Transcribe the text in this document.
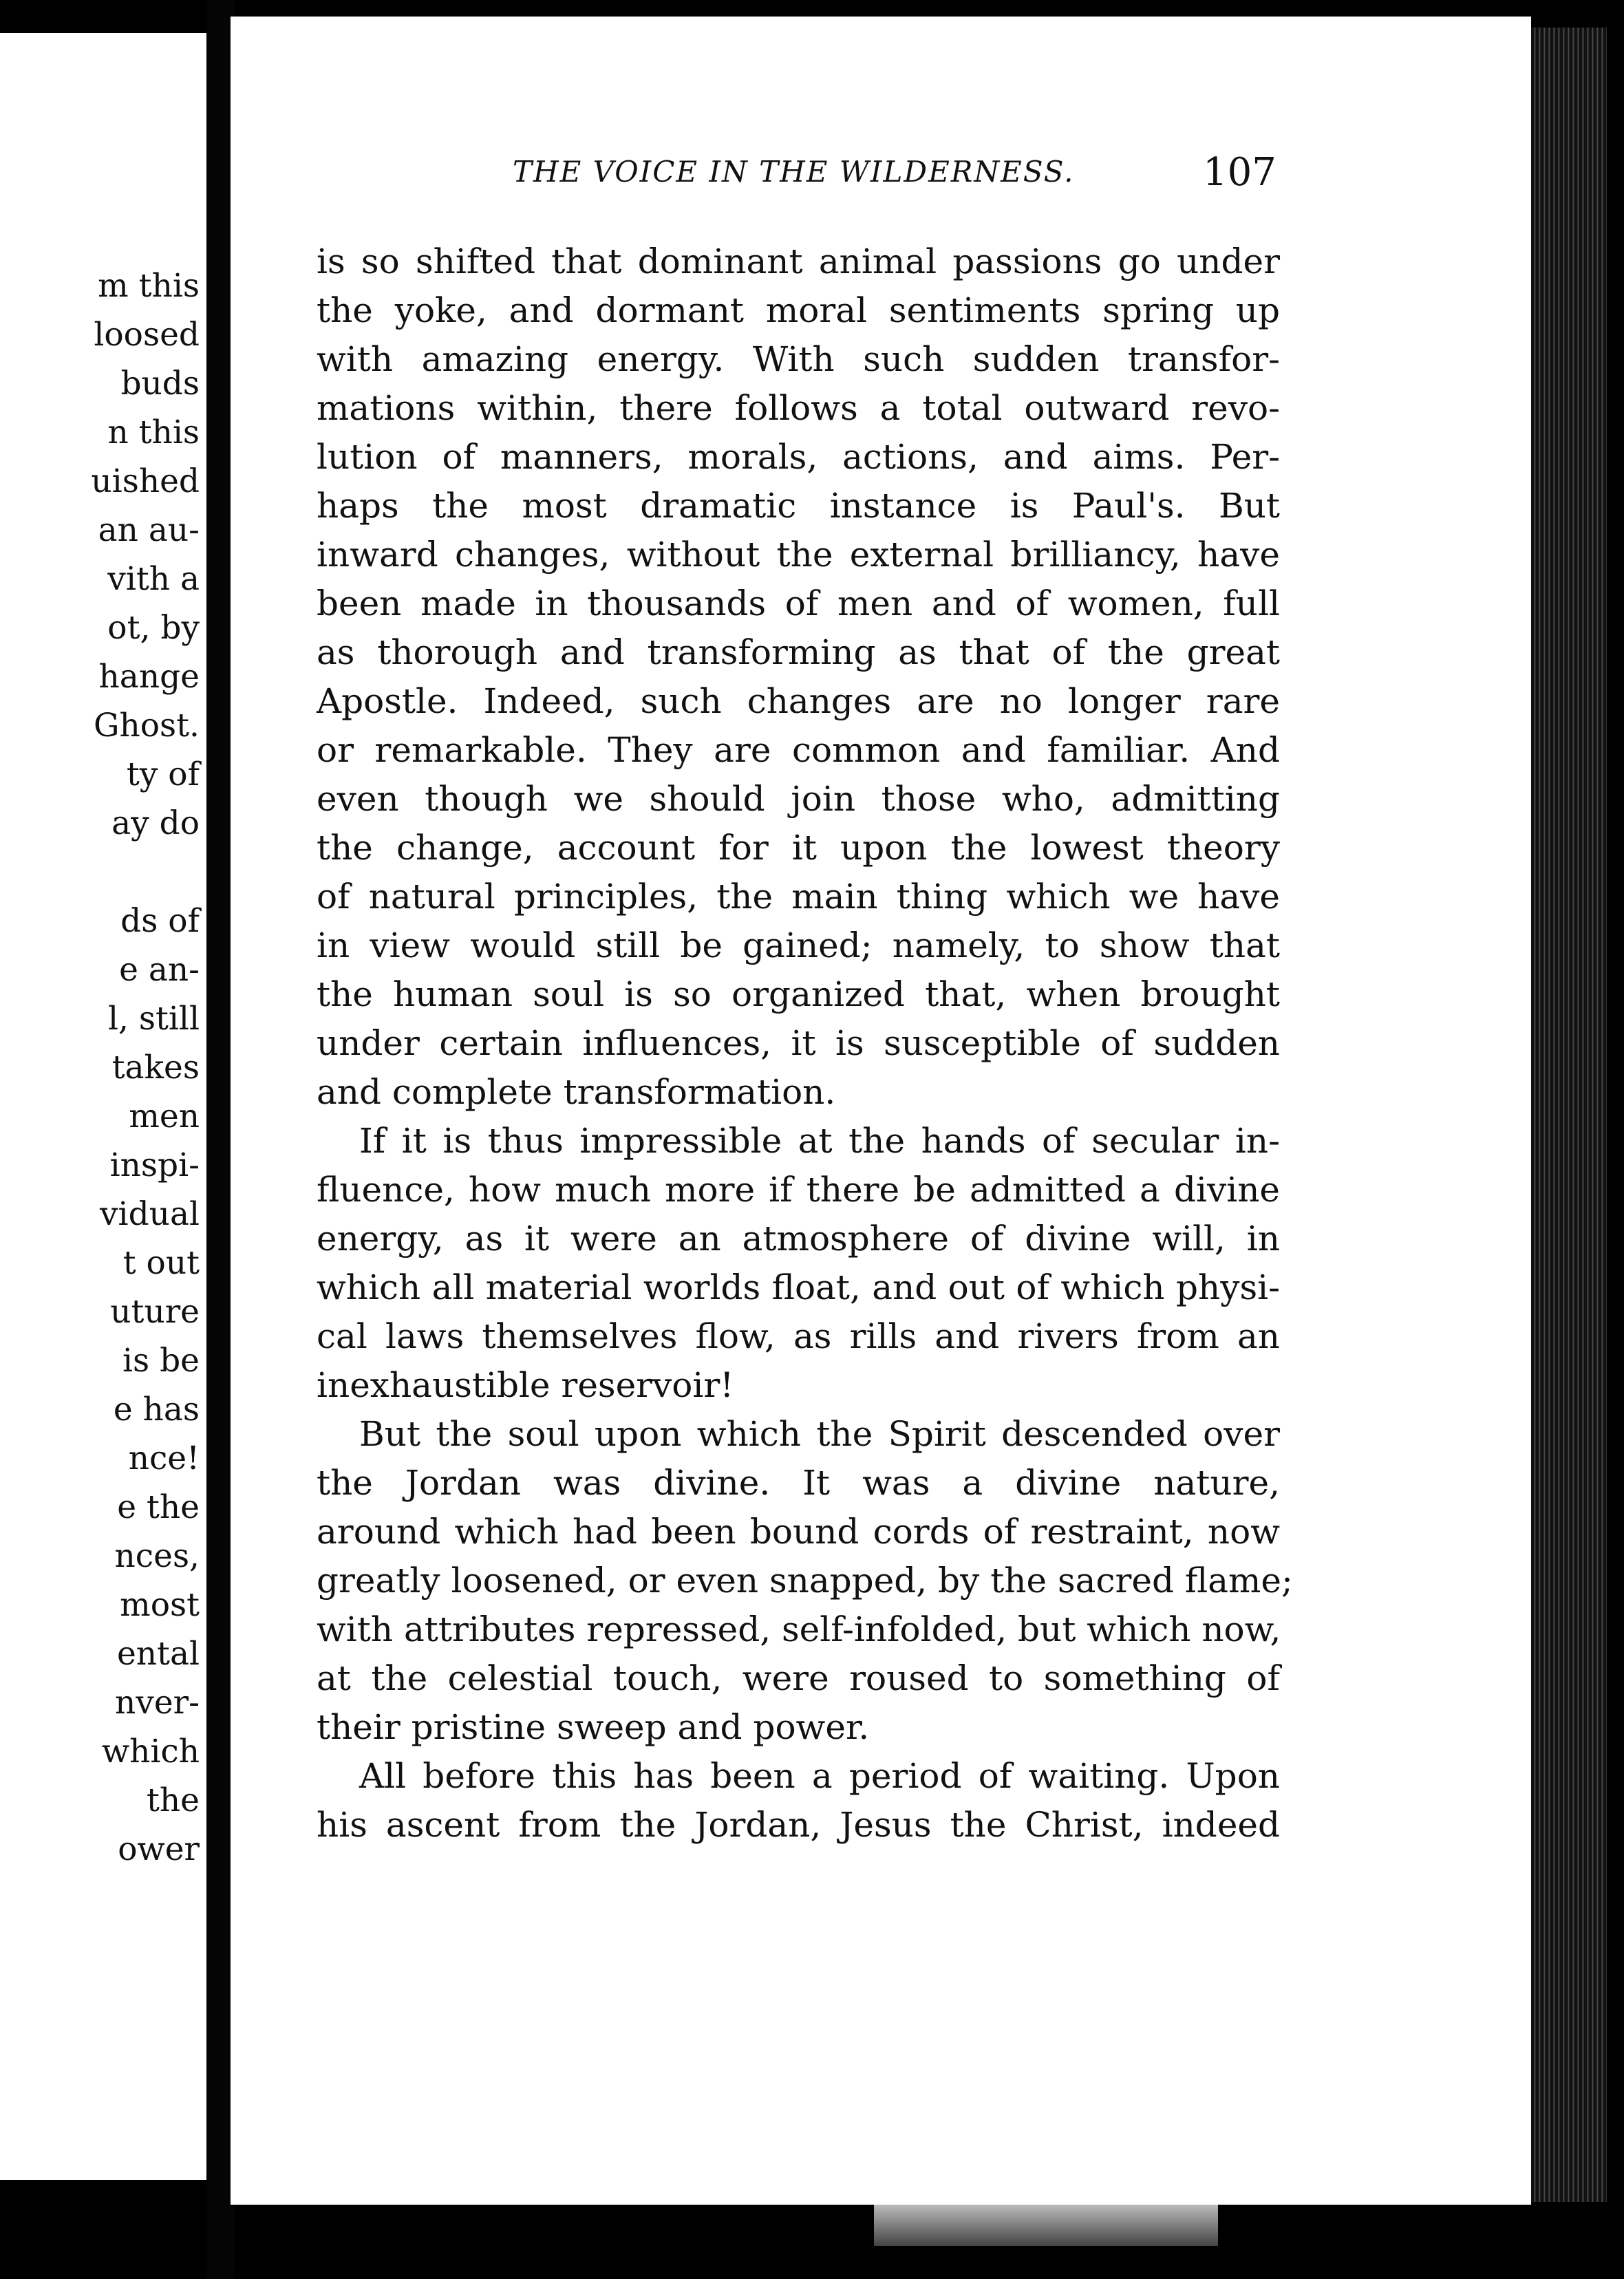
m this
loosed
buds
n this
uished
an au-
vith a
ot, by
hange
Ghost.
ty of
ay do
ds of
e an-
l, still
takes
men
inspi-
vidual
t out
uture
is be
e has
nce!
e the
nces,
most
ental
nver-
which
the
ower
THE VOICE IN THE WILDERNESS.	107
is so shifted that dominant animal passions go under
the yoke, and dormant moral sentiments spring up
with amazing energy. With such sudden transfor-
mations within, there follows a total outward revo-
lution of manners, morals, actions, and aims. Per-
haps the most dramatic instance is Paul's. But
inward changes, without the external brilliancy, have
been made in thousands of men and of women, full
as thorough and transforming as that of the great
Apostle. Indeed, such changes are no longer rare
or remarkable. They are common and familiar. And
even though we should join those who, admitting
the change, account for it upon the lowest theory
of natural principles, the main thing which we have
in view would still be gained; namely, to show that
the human soul is so organized that, when brought
under certain influences, it is susceptible of sudden
and complete transformation.
If it is thus impressible at the hands of secular in-
fluence, how much more if there be admitted a divine
energy, as it were an atmosphere of divine will, in
which all material worlds float, and out of which physi-
cal laws themselves flow, as rills and rivers from an
inexhaustible reservoir!
But the soul upon which the Spirit descended over
the Jordan was divine. It was a divine nature,
around which had been bound cords of restraint, now
greatly loosened, or even snapped, by the sacred flame;
with attributes repressed, self-infolded, but which now,
at the celestial touch, were roused to something of
their pristine sweep and power.
All before this has been a period of waiting. Upon
his ascent from the Jordan, Jesus the Christ, indeed
